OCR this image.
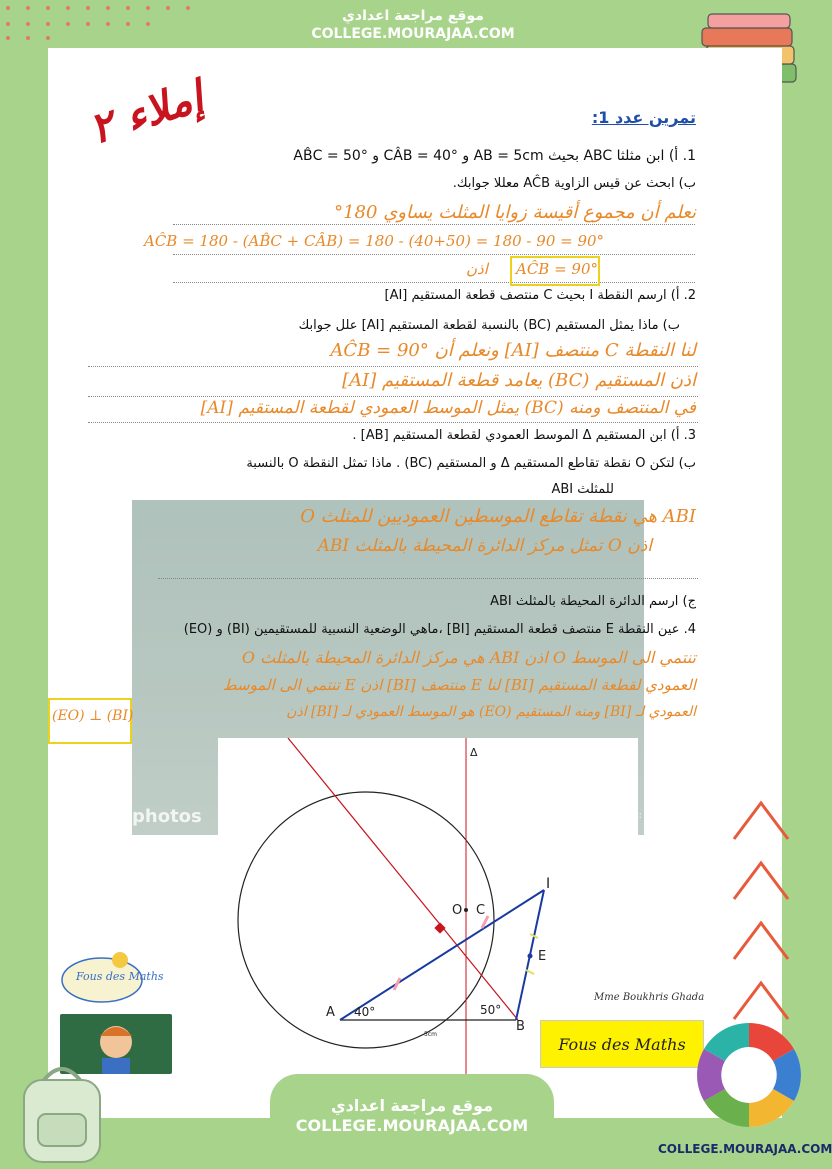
موقع مراجعة اعدادي
COLLEGE.MOURAJAA.COM
photos	age ID: 3
إملاء ٢	تمرين عدد 1:
1. أ) ابن مثلثا ABC بحيث AB = 5cm و CÂB = 40° و AB̂C = 50°
ب) ابحث عن قيس الزاوية AĈB معللا جوابك.
نعلم أن مجموع أقيسة زوايا المثلث يساوي 180°
AĈB = 180 - (AB̂C + CÂB) = 180 - (40+50) = 180 - 90 = 90°
اذن AĈB = 90°
2. أ) ارسم النقطة I بحيث C منتصف قطعة المستقيم [AI]
ب) ماذا يمثل المستقيم (BC) بالنسبة لقطعة المستقيم [AI] علل جوابك
لنا النقطة C منتصف [AI] ونعلم أن AĈB = 90°
اذن المستقيم (BC) يعامد قطعة المستقيم [AI]
في المنتصف ومنه (BC) يمثل الموسط العمودي لقطعة المستقيم [AI]
3. أ) ابن المستقيم Δ الموسط العمودي لقطعة المستقيم [AB] .
ب) لتكن O نقطة تقاطع المستقيم Δ و المستقيم (BC) . ماذا تمثل النقطة O بالنسبة
للمثلث ABI
O هي نقطة تقاطع الموسطين العموديين للمثلث ABI
اذن O تمثل مركز الدائرة المحيطة بالمثلث ABI
ج) ارسم الدائرة المحيطة بالمثلث ABI
4. عين النقطة E منتصف قطعة المستقيم [BI] ،ماهي الوضعية النسبية للمستقيمين (BI) و (EO)
O هي مركز الدائرة المحيطة بالمثلث ABI اذن O تنتمي الى الموسط
العمودي لقطعة المستقيم [BI] لنا E منتصف [BI] اذن E تنتمي الى الموسط
العمودي لـ [BI] ومنه المستقيم (EO) هو الموسط العمودي لـ [BI] اذن
(EO) ⊥ (BI)
Δ
I
O C
E
A
B
40°	50°
5cm
Mme Boukhris Ghada
Fous des Maths
Fous des Maths
موقع مراجعة اعدادي
COLLEGE.MOURAJAA.COM
COLLEGE.MOURAJAA.COM
